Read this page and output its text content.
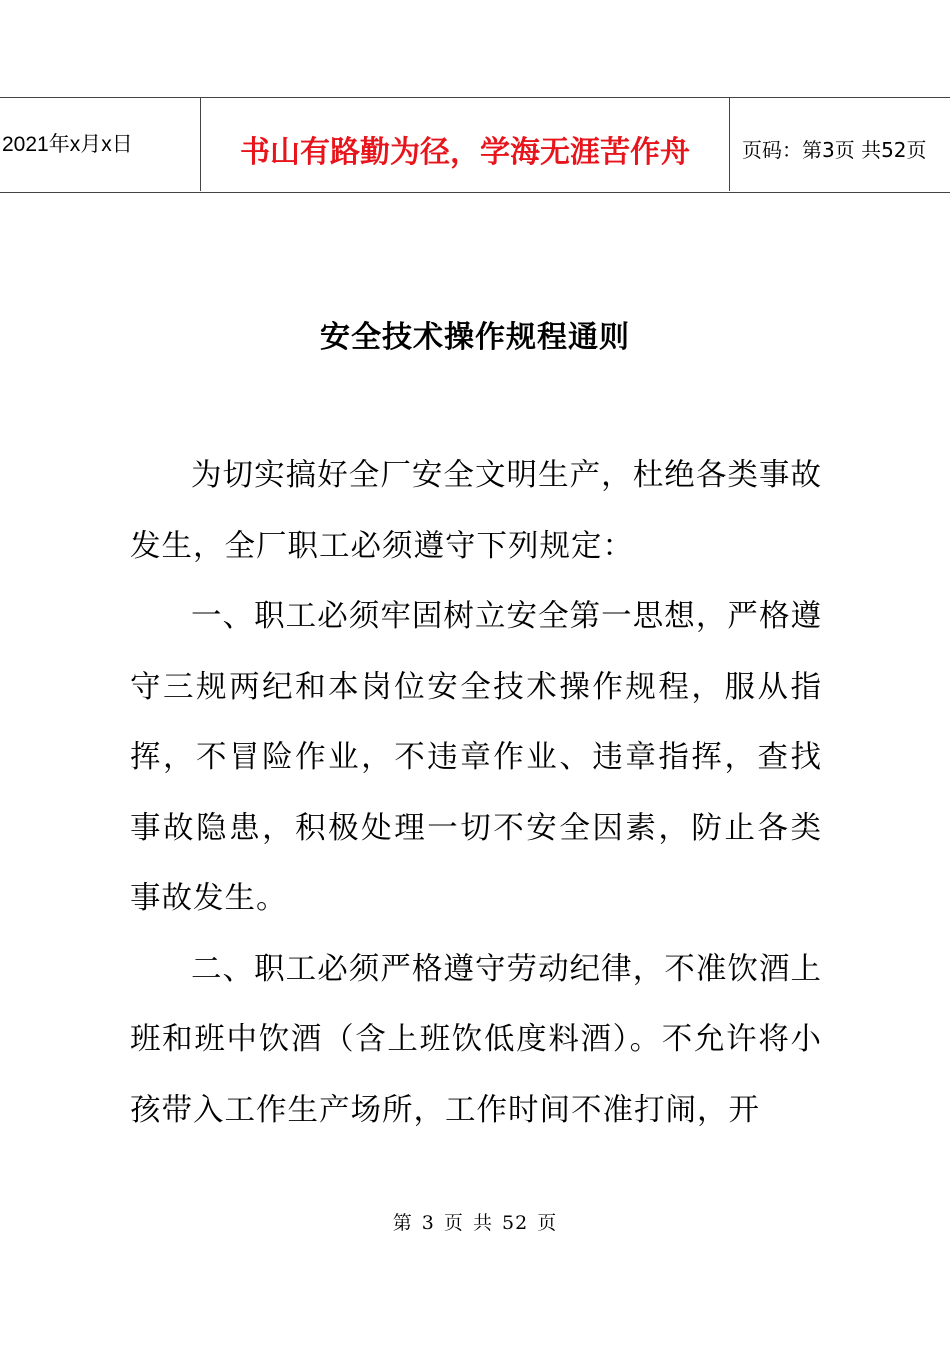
2021年x月x日	书山有路勤为径，学海无涯苦作舟	页码：第3页 共52页
安全技术操作规程通则

为切实搞好全厂安全文明生产，杜绝各类事故发生，全厂职工必须遵守下列规定：

一、职工必须牢固树立安全第一思想，严格遵守三规两纪和本岗位安全技术操作规程，服从指挥，不冒险作业，不违章作业、违章指挥，查找事故隐患，积极处理一切不安全因素，防止各类事故发生。

二、职工必须严格遵守劳动纪律，不准饮酒上班和班中饮酒（含上班饮低度料酒）。不允许将小孩带入工作生产场所，工作时间不准打闹，开

第 3 页 共 52 页
